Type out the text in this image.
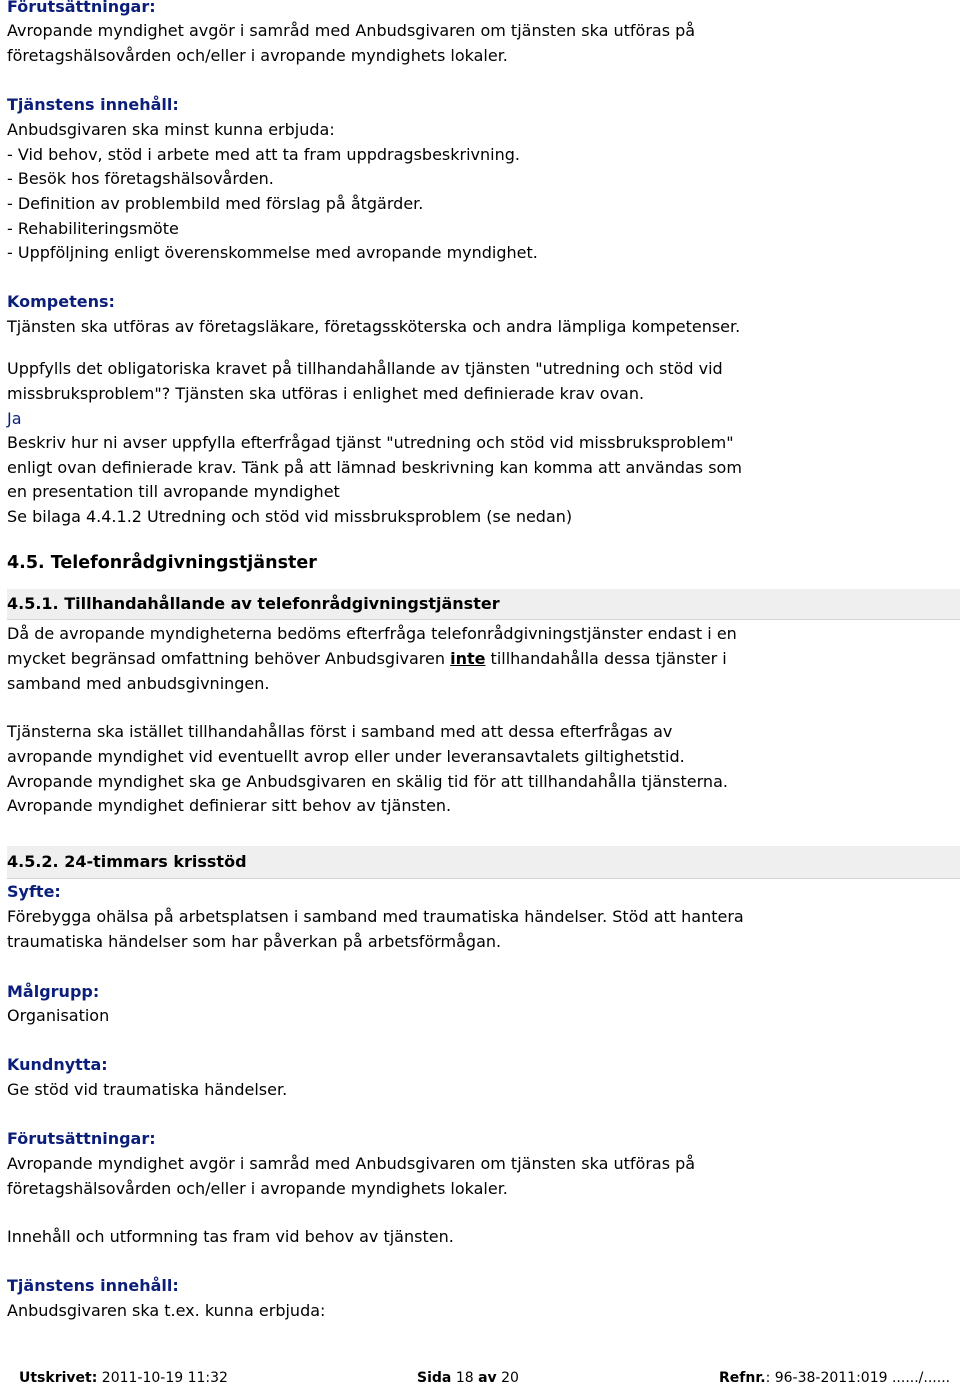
Förutsättningar:
Avropande myndighet avgör i samråd med Anbudsgivaren om tjänsten ska utföras på
företagshälsovården och/eller i avropande myndighets lokaler.
Tjänstens innehåll:
Anbudsgivaren ska minst kunna erbjuda:
- Vid behov, stöd i arbete med att ta fram uppdragsbeskrivning.
- Besök hos företagshälsovården.
- Definition av problembild med förslag på åtgärder.
- Rehabiliteringsmöte
- Uppföljning enligt överenskommelse med avropande myndighet.
Kompetens:
Tjänsten ska utföras av företagsläkare, företagssköterska och andra lämpliga kompetenser.
Uppfylls det obligatoriska kravet på tillhandahållande av tjänsten "utredning och stöd vid
missbruksproblem"? Tjänsten ska utföras i enlighet med definierade krav ovan.
Ja
Beskriv hur ni avser uppfylla efterfrågad tjänst "utredning och stöd vid missbruksproblem"
enligt ovan definierade krav. Tänk på att lämnad beskrivning kan komma att användas som
en presentation till avropande myndighet
Se bilaga 4.4.1.2 Utredning och stöd vid missbruksproblem (se nedan)
4.5. Telefonrådgivningstjänster
4.5.1. Tillhandahållande av telefonrådgivningstjänster
Då de avropande myndigheterna bedöms efterfråga telefonrådgivningstjänster endast i en
mycket begränsad omfattning behöver Anbudsgivaren inte tillhandahålla dessa tjänster i
samband med anbudsgivningen.
Tjänsterna ska istället tillhandahållas först i samband med att dessa efterfrågas av
avropande myndighet vid eventuellt avrop eller under leveransavtalets giltighetstid.
Avropande myndighet ska ge Anbudsgivaren en skälig tid för att tillhandahålla tjänsterna.
Avropande myndighet definierar sitt behov av tjänsten.
4.5.2. 24-timmars krisstöd
Syfte:
Förebygga ohälsa på arbetsplatsen i samband med traumatiska händelser. Stöd att hantera
traumatiska händelser som har påverkan på arbetsförmågan.
Målgrupp:
Organisation
Kundnytta:
Ge stöd vid traumatiska händelser.
Förutsättningar:
Avropande myndighet avgör i samråd med Anbudsgivaren om tjänsten ska utföras på
företagshälsovården och/eller i avropande myndighets lokaler.
Innehåll och utformning tas fram vid behov av tjänsten.
Tjänstens innehåll:
Anbudsgivaren ska t.ex. kunna erbjuda:
Utskrivet: 2011-10-19 11:32	Sida 18 av 20	Refnr.: 96-38-2011:019 ....../......
